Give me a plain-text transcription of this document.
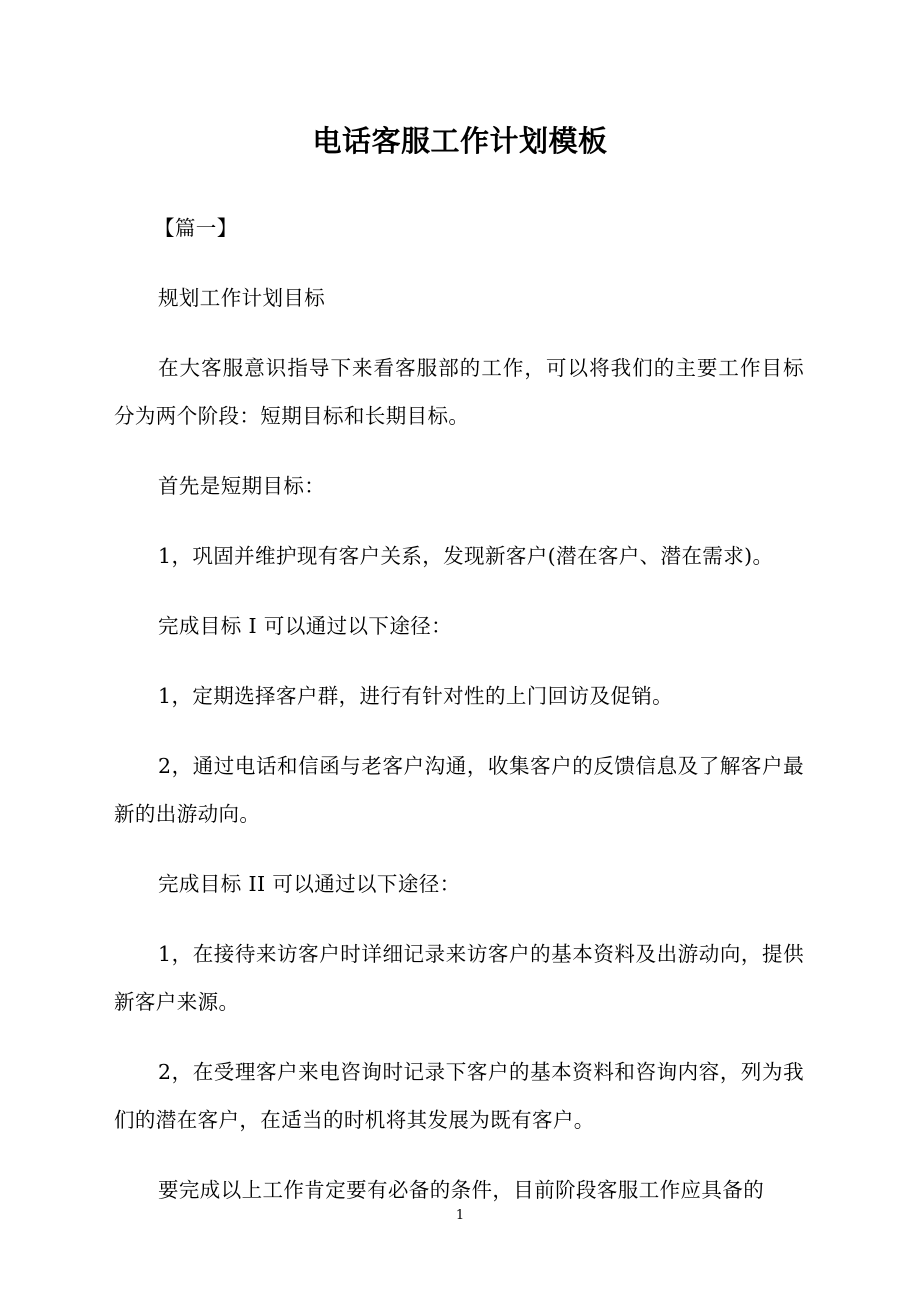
电话客服工作计划模板

【篇一】

规划工作计划目标

在大客服意识指导下来看客服部的工作，可以将我们的主要工作目标分为两个阶段：短期目标和长期目标。

首先是短期目标：

1，巩固并维护现有客户关系，发现新客户(潜在客户、潜在需求)。

完成目标 I 可以通过以下途径：

1，定期选择客户群，进行有针对性的上门回访及促销。

2，通过电话和信函与老客户沟通，收集客户的反馈信息及了解客户最新的出游动向。

完成目标 II 可以通过以下途径：

1，在接待来访客户时详细记录来访客户的基本资料及出游动向，提供新客户来源。

2，在受理客户来电咨询时记录下客户的基本资料和咨询内容，列为我们的潜在客户，在适当的时机将其发展为既有客户。

要完成以上工作肯定要有必备的条件，目前阶段客服工作应具备的

1
